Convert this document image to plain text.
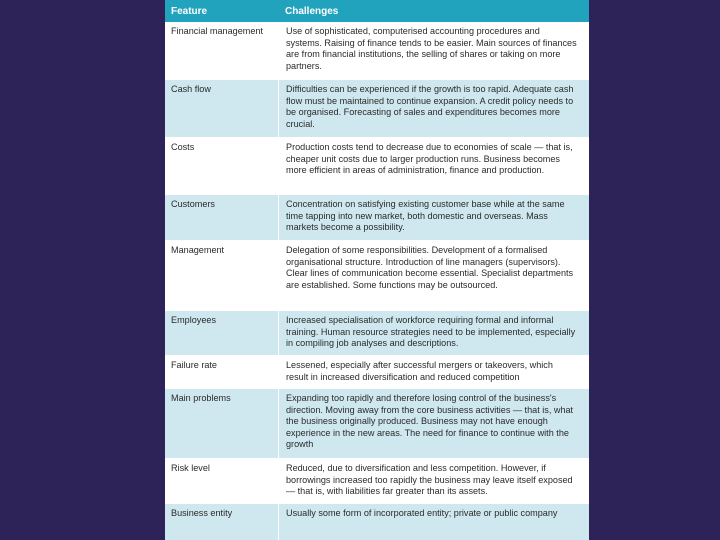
Feature	Challenges
Financial management	Use of sophisticated, computerised accounting procedures and systems. Raising of finance tends to be easier. Main sources of finances are from financial institutions, the selling of shares or taking on more partners.
Cash flow	Difficulties can be experienced if the growth is too rapid. Adequate cash flow must be maintained to continue expansion. A credit policy needs to be organised. Forecasting of sales and expenditures becomes more crucial.
Costs	Production costs tend to decrease due to economies of scale — that is, cheaper unit costs due to larger production runs. Business becomes more efficient in areas of administration, finance and production.
Customers	Concentration on satisfying existing customer base while at the same time tapping into new market, both domestic and overseas. Mass markets become a possibility.
Management	Delegation of some responsibilities. Development of a formalised organisational structure. Introduction of line managers (supervisors). Clear lines of communication become essential. Specialist departments are established. Some functions may be outsourced.
Employees	Increased specialisation of workforce requiring formal and informal training. Human resource strategies need to be implemented, especially in compiling job analyses and descriptions.
Failure rate	Lessened, especially after successful mergers or takeovers, which result in increased diversification and reduced competition
Main problems	Expanding too rapidly and therefore losing control of the business's direction. Moving away from the core business activities — that is, what the business originally produced. Business may not have enough experience in the new areas. The need for finance to continue with the growth
Risk level	Reduced, due to diversification and less competition. However, if borrowings increased too rapidly the business may leave itself exposed — that is, with liabilities far greater than its assets.
Business entity	Usually some form of incorporated entity; private or public company
